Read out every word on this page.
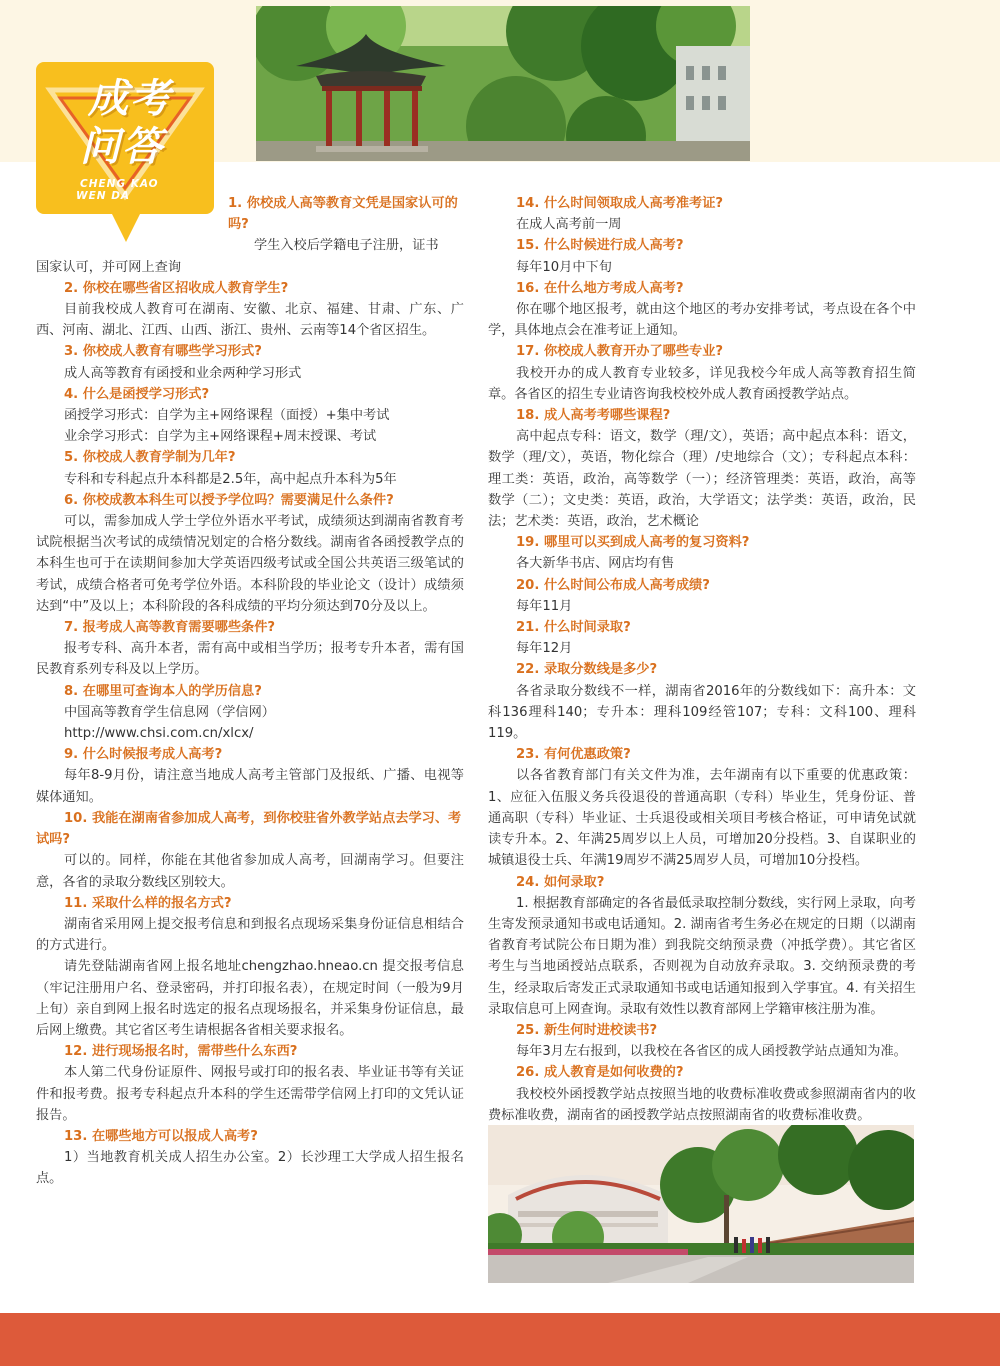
成考
问答
CHENG KAO
WEN DA	1. 你校成人高等教育文凭是国家认可的吗?

学生入校后学籍电子注册，证书
国家认可，并可网上查询

2. 你校在哪些省区招收成人教育学生?

目前我校成人教育可在湖南、安徽、北京、福建、甘肃、广东、广西、河南、湖北、江西、山西、浙江、贵州、云南等14个省区招生。

3. 你校成人教育有哪些学习形式?

成人高等教育有函授和业余两种学习形式

4. 什么是函授学习形式?

函授学习形式：自学为主+网络课程（面授）+集中考试

业余学习形式：自学为主+网络课程+周末授课、考试

5. 你校成人教育学制为几年?

专科和专科起点升本科都是2.5年，高中起点升本科为5年

6. 你校成教本科生可以授予学位吗？需要满足什么条件?

可以，需参加成人学士学位外语水平考试，成绩须达到湖南省教育考试院根据当次考试的成绩情况划定的合格分数线。湖南省各函授教学点的本科生也可于在读期间参加大学英语四级考试或全国公共英语三级笔试的考试，成绩合格者可免考学位外语。本科阶段的毕业论文（设计）成绩须达到“中”及以上；本科阶段的各科成绩的平均分须达到70分及以上。

7. 报考成人高等教育需要哪些条件?

报考专科、高升本者，需有高中或相当学历；报考专升本者，需有国民教育系列专科及以上学历。

8. 在哪里可查询本人的学历信息?

中国高等教育学生信息网（学信网）

http://www.chsi.com.cn/xlcx/

9. 什么时候报考成人高考?

每年8-9月份，请注意当地成人高考主管部门及报纸、广播、电视等媒体通知。

10. 我能在湖南省参加成人高考，到你校驻省外教学站点去学习、考试吗?

可以的。同样，你能在其他省参加成人高考，回湖南学习。但要注意，各省的录取分数线区别较大。

11. 采取什么样的报名方式?

湖南省采用网上提交报考信息和到报名点现场采集身份证信息相结合的方式进行。

请先登陆湖南省网上报名地址chengzhao.hneao.cn 提交报考信息（牢记注册用户名、登录密码，并打印报名表），在规定时间（一般为9月上旬）亲自到网上报名时选定的报名点现场报名，并采集身份证信息，最后网上缴费。其它省区考生请根据各省相关要求报名。

12. 进行现场报名时，需带些什么东西?

本人第二代身份证原件、网报号或打印的报名表、毕业证书等有关证件和报考费。报考专科起点升本科的学生还需带学信网上打印的文凭认证报告。

13. 在哪些地方可以报成人高考?

1）当地教育机关成人招生办公室。2）长沙理工大学成人招生报名点。

14. 什么时间领取成人高考准考证?

在成人高考前一周

15. 什么时候进行成人高考?

每年10月中下旬

16. 在什么地方考成人高考?

你在哪个地区报考，就由这个地区的考办安排考试，考点设在各个中学，具体地点会在准考证上通知。

17. 你校成人教育开办了哪些专业?

我校开办的成人教育专业较多，详见我校今年成人高等教育招生简章。各省区的招生专业请咨询我校校外成人教育函授教学站点。

18. 成人高考考哪些课程?

高中起点专科：语文，数学（理/文），英语；高中起点本科：语文，数学（理/文），英语，物化综合（理）/史地综合（文）；专科起点本科：理工类：英语，政治，高等数学（一）；经济管理类：英语，政治，高等数学（二）；文史类：英语，政治，大学语文；法学类：英语，政治，民法；艺术类：英语，政治，艺术概论

19. 哪里可以买到成人高考的复习资料?

各大新华书店、网店均有售

20. 什么时间公布成人高考成绩?

每年11月

21. 什么时间录取?

每年12月

22. 录取分数线是多少?

各省录取分数线不一样，湖南省2016年的分数线如下：高升本：文科136理科140；专升本：理科109经管107；专科：文科100、理科119。

23. 有何优惠政策?

以各省教育部门有关文件为准，去年湖南有以下重要的优惠政策：1、应征入伍服义务兵役退役的普通高职（专科）毕业生，凭身份证、普通高职（专科）毕业证、士兵退役或相关项目考核合格证，可申请免试就读专升本。2、年满25周岁以上人员，可增加20分投档。3、自谋职业的城镇退役士兵、年满19周岁不满25周岁人员，可增加10分投档。

24. 如何录取?

1. 根据教育部确定的各省最低录取控制分数线，实行网上录取，向考生寄发预录通知书或电话通知。2. 湖南省考生务必在规定的日期（以湖南省教育考试院公布日期为准）到我院交纳预录费（冲抵学费）。其它省区考生与当地函授站点联系，否则视为自动放弃录取。3. 交纳预录费的考生，经录取后寄发正式录取通知书或电话通知报到入学事宜。4. 有关招生录取信息可上网查询。录取有效性以教育部网上学籍审核注册为准。

25. 新生何时进校读书?

每年3月左右报到，以我校在各省区的成人函授教学站点通知为准。

26. 成人教育是如何收费的?

我校校外函授教学站点按照当地的收费标准收费或参照湖南省内的收费标准收费，湖南省的函授教学站点按照湖南省的收费标准收费。
